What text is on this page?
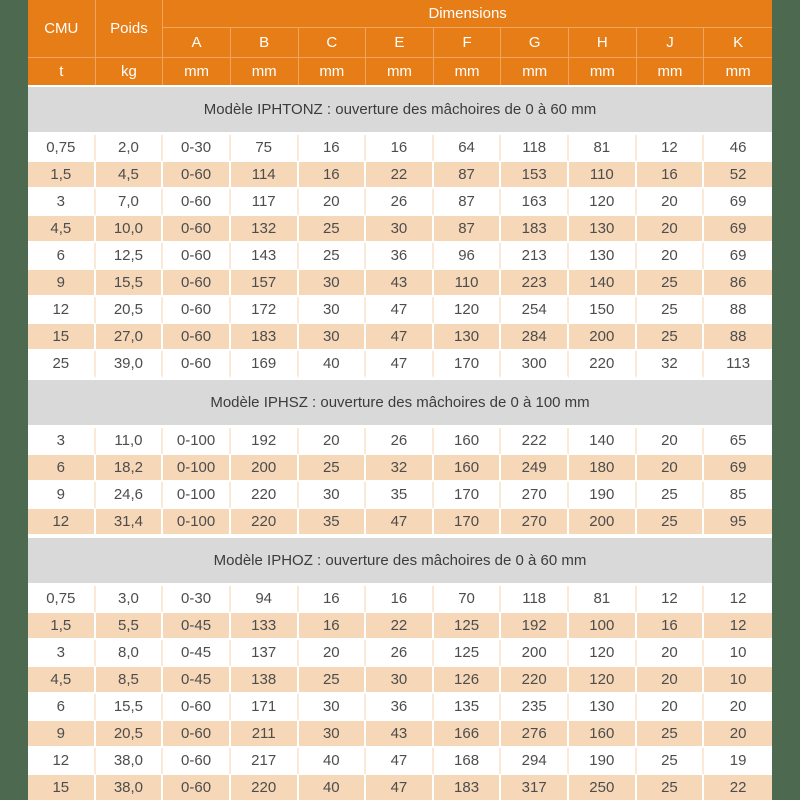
CMU	Poids	Dimensions								
		A	B	C	E	F	G	H	J	K
t	kg	mm	mm	mm	mm	mm	mm	mm	mm	mm
Modèle IPHTONZ : ouverture des mâchoires de 0 à 60 mm										
0,75	2,0	0-30	75	16	16	64	118	81	12	46
1,5	4,5	0-60	114	16	22	87	153	110	16	52
3	7,0	0-60	117	20	26	87	163	120	20	69
4,5	10,0	0-60	132	25	30	87	183	130	20	69
6	12,5	0-60	143	25	36	96	213	130	20	69
9	15,5	0-60	157	30	43	110	223	140	25	86
12	20,5	0-60	172	30	47	120	254	150	25	88
15	27,0	0-60	183	30	47	130	284	200	25	88
25	39,0	0-60	169	40	47	170	300	220	32	113
Modèle IPHSZ : ouverture des mâchoires de 0 à 100 mm										
3	11,0	0-100	192	20	26	160	222	140	20	65
6	18,2	0-100	200	25	32	160	249	180	20	69
9	24,6	0-100	220	30	35	170	270	190	25	85
12	31,4	0-100	220	35	47	170	270	200	25	95
Modèle IPHOZ : ouverture des mâchoires de 0 à 60 mm										
0,75	3,0	0-30	94	16	16	70	118	81	12	12
1,5	5,5	0-45	133	16	22	125	192	100	16	12
3	8,0	0-45	137	20	26	125	200	120	20	10
4,5	8,5	0-45	138	25	30	126	220	120	20	10
6	15,5	0-60	171	30	36	135	235	130	20	20
9	20,5	0-60	211	30	43	166	276	160	25	20
12	38,0	0-60	217	40	47	168	294	190	25	19
15	38,0	0-60	220	40	47	183	317	250	25	22
